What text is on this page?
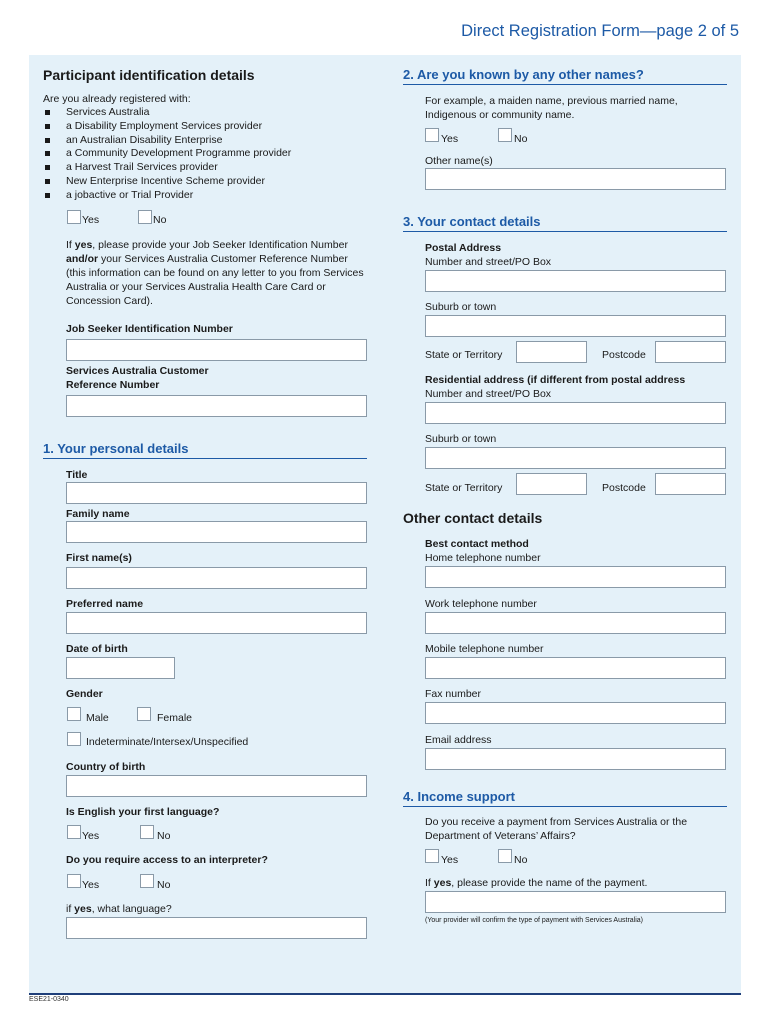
Direct Registration Form—page 2 of 5
Participant identification details
Are you already registered with:
Services Australia
a Disability Employment Services provider
an Australian Disability Enterprise
a Community Development Programme provider
a Harvest Trail Services provider
New Enterprise Incentive Scheme provider
a jobactive or Trial Provider
Yes	No
If yes, please provide your Job Seeker Identification Number and/or your Services Australia Customer Reference Number (this information can be found on any letter to you from Services Australia or your Services Australia Health Care Card or Concession Card).
Job Seeker Identification Number
Services Australia Customer
Reference Number
1. Your personal details
Title
Family name
First name(s)
Preferred name
Date of birth
Gender
Male	Female
Indeterminate/Intersex/Unspecified
Country of birth
Is English your first language?
Yes	No
Do you require access to an interpreter?
Yes	No
if yes, what language?
2. Are you known by any other names?
For example, a maiden name, previous married name, Indigenous or community name.
Yes	No
Other name(s)
3. Your contact details
Postal Address
Number and street/PO Box
Suburb or town
State or Territory	Postcode
Residential address (if different from postal address
Number and street/PO Box
Suburb or town
State or Territory	Postcode
Other contact details
Best contact method
Home telephone number
Work telephone number
Mobile telephone number
Fax number
Email address
4. Income support
Do you receive a payment from Services Australia or the Department of Veterans’ Affairs?
Yes	No
If yes, please provide the name of the payment.
(Your provider will confirm the type of payment with Services Australia)
ESE21-0340
